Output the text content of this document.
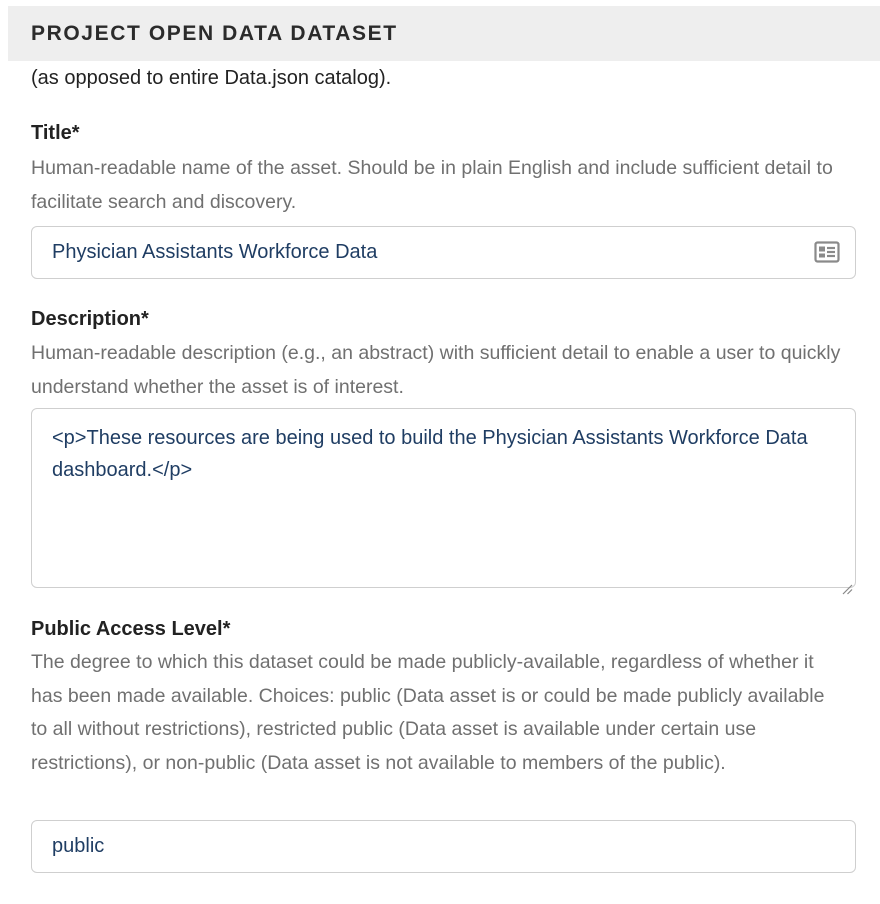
PROJECT OPEN DATA DATASET
(as opposed to entire Data.json catalog).
Title*
Human-readable name of the asset. Should be in plain English and include sufficient detail to facilitate search and discovery.
Physician Assistants Workforce Data
Description*
Human-readable description (e.g., an abstract) with sufficient detail to enable a user to quickly understand whether the asset is of interest.
<p>These resources are being used to build the Physician Assistants Workforce Data dashboard.</p>
Public Access Level*
The degree to which this dataset could be made publicly-available, regardless of whether it has been made available. Choices: public (Data asset is or could be made publicly available to all without restrictions), restricted public (Data asset is available under certain use restrictions), or non-public (Data asset is not available to members of the public).
public
